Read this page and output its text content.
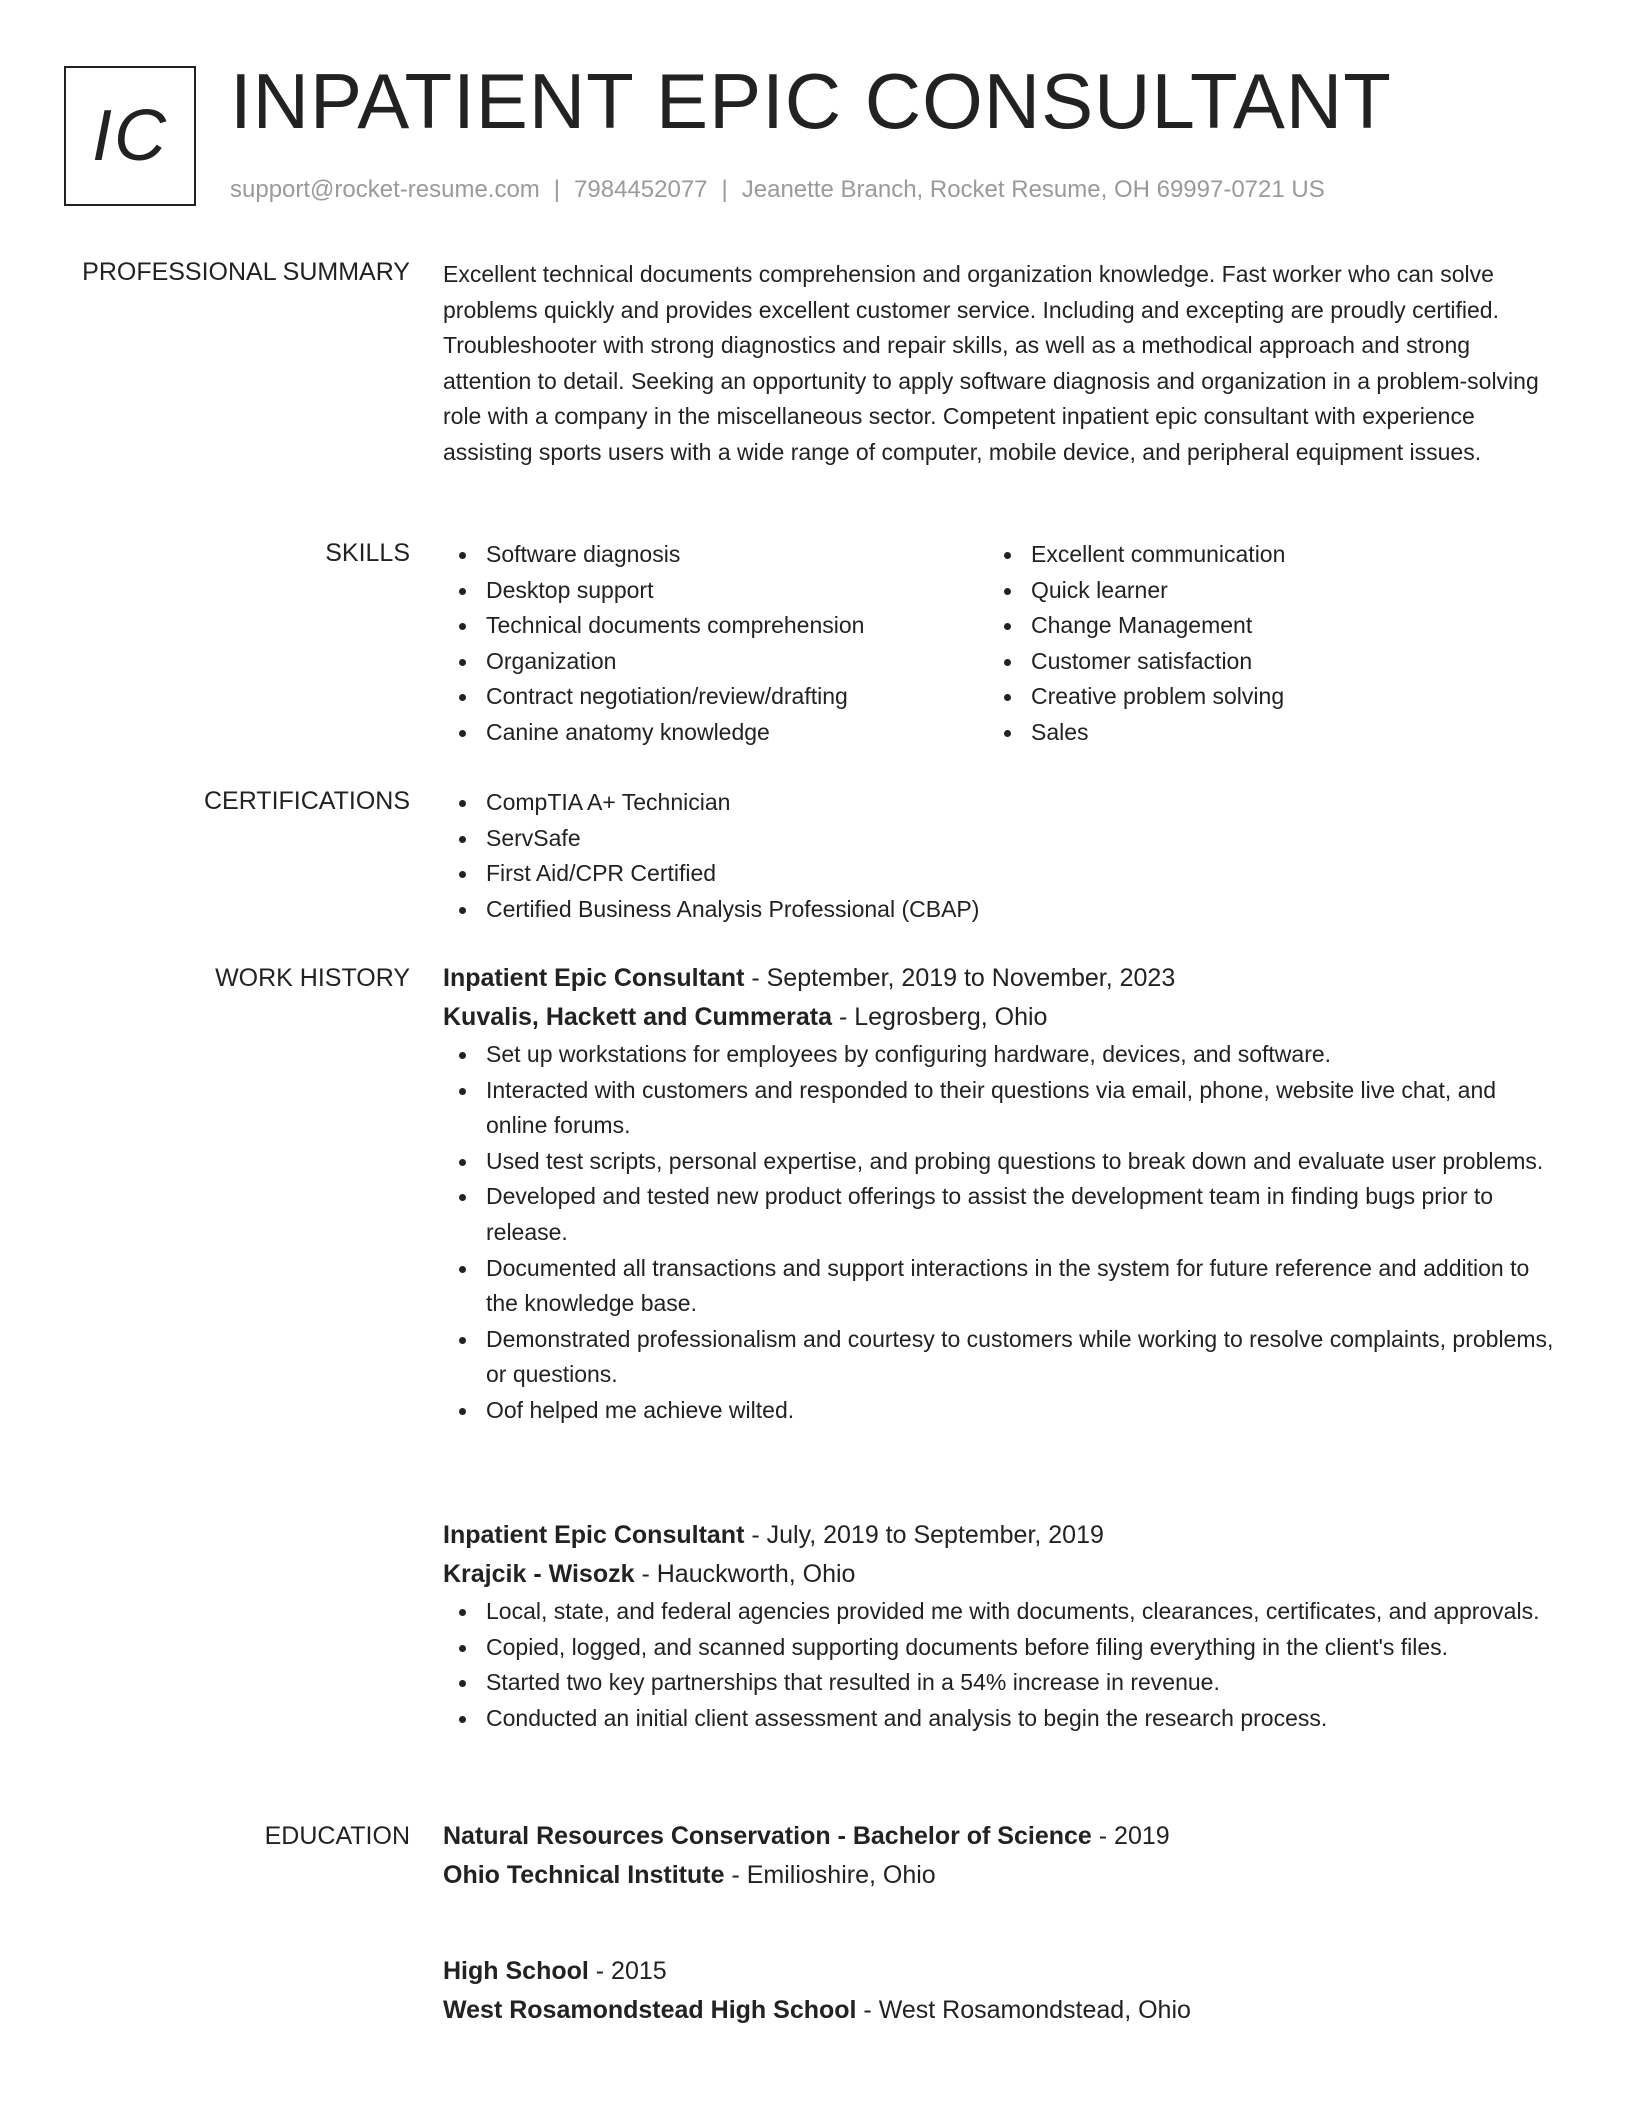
IC INPATIENT EPIC CONSULTANT
support@rocket-resume.com | 7984452077 | Jeanette Branch, Rocket Resume, OH 69997-0721 US
PROFESSIONAL SUMMARY Excellent technical documents comprehension and organization knowledge. Fast worker who can solve problems quickly and provides excellent customer service. Including and excepting are proudly certified. Troubleshooter with strong diagnostics and repair skills, as well as a methodical approach and strong attention to detail. Seeking an opportunity to apply software diagnosis and organization in a problem-solving role with a company in the miscellaneous sector. Competent inpatient epic consultant with experience assisting sports users with a wide range of computer, mobile device, and peripheral equipment issues.

SKILLS	Software diagnosis
Desktop support
Technical documents comprehension
Organization
Contract negotiation/review/drafting
Canine anatomy knowledge
Excellent communication
Quick learner
Change Management
Customer satisfaction
Creative problem solving
Sales
CERTIFICATIONS	CompTIA A+ Technician
ServSafe
First Aid/CPR Certified
Certified Business Analysis Professional (CBAP)
WORK HISTORY Inpatient Epic Consultant - September, 2019 to November, 2023
Kuvalis, Hackett and Cummerata - Legrosberg, Ohio
Set up workstations for employees by configuring hardware, devices, and software.
Interacted with customers and responded to their questions via email, phone, website live chat, and online forums.
Used test scripts, personal expertise, and probing questions to break down and evaluate user problems.
Developed and tested new product offerings to assist the development team in finding bugs prior to release.
Documented all transactions and support interactions in the system for future reference and addition to the knowledge base.
Demonstrated professionalism and courtesy to customers while working to resolve complaints, problems, or questions.
Oof helped me achieve wilted.
Inpatient Epic Consultant - July, 2019 to September, 2019
Krajcik - Wisozk - Hauckworth, Ohio
Local, state, and federal agencies provided me with documents, clearances, certificates, and approvals.
Copied, logged, and scanned supporting documents before filing everything in the client's files.
Started two key partnerships that resulted in a 54% increase in revenue.
Conducted an initial client assessment and analysis to begin the research process.
EDUCATION Natural Resources Conservation - Bachelor of Science - 2019
Ohio Technical Institute - Emilioshire, Ohio
High School - 2015
West Rosamondstead High School - West Rosamondstead, Ohio
